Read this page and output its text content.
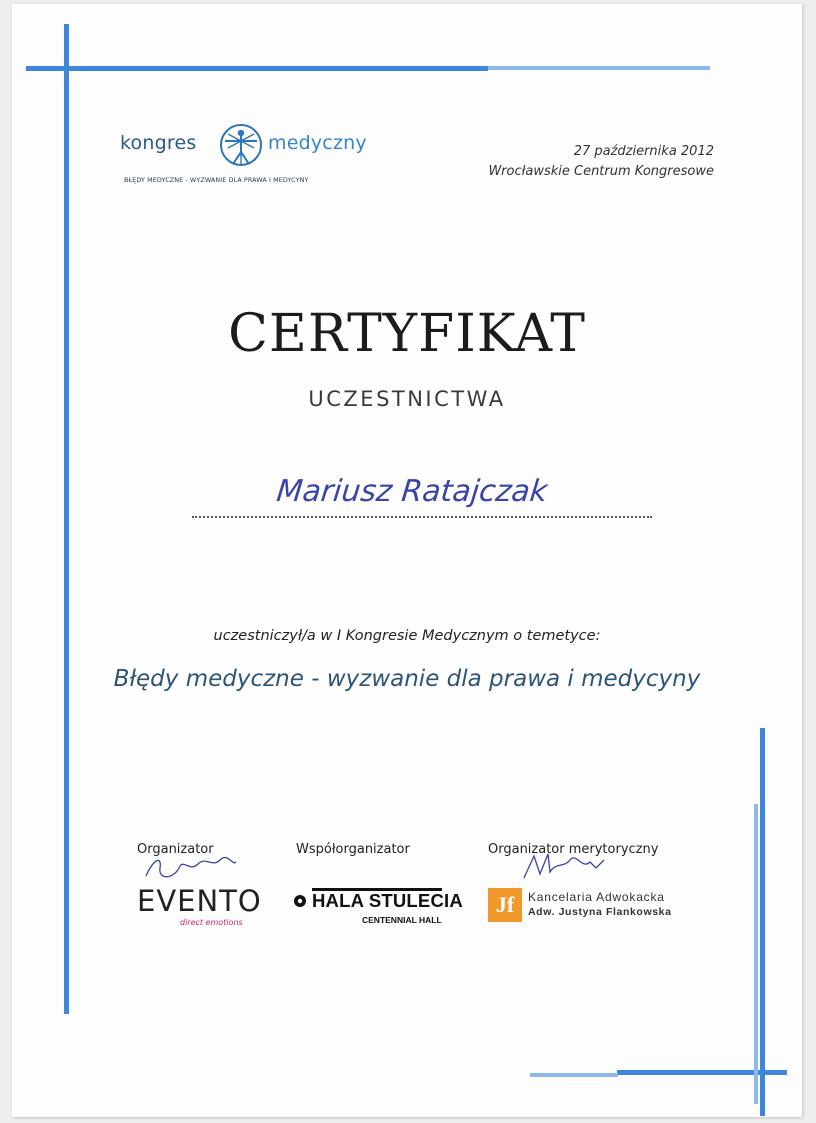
kongres	medyczny
BŁĘDY MEDYCZNE - WYZWANIE DLA PRAWA I MEDYCYNY
27 października 2012
Wrocławskie Centrum Kongresowe
CERTYFIKAT
UCZESTNICTWA
Mariusz Ratajczak
uczestniczył/a w I Kongresie Medycznym o temetyce:
Błędy medyczne - wyzwanie dla prawa i medycyny
Organizator
EVENTO
direct emotions
Współorganizator
HALA STULECIA
CENTENNIAL HALL
Organizator merytoryczny
Jf	Kancelaria Adwokacka
Adw. Justyna Flankowska
